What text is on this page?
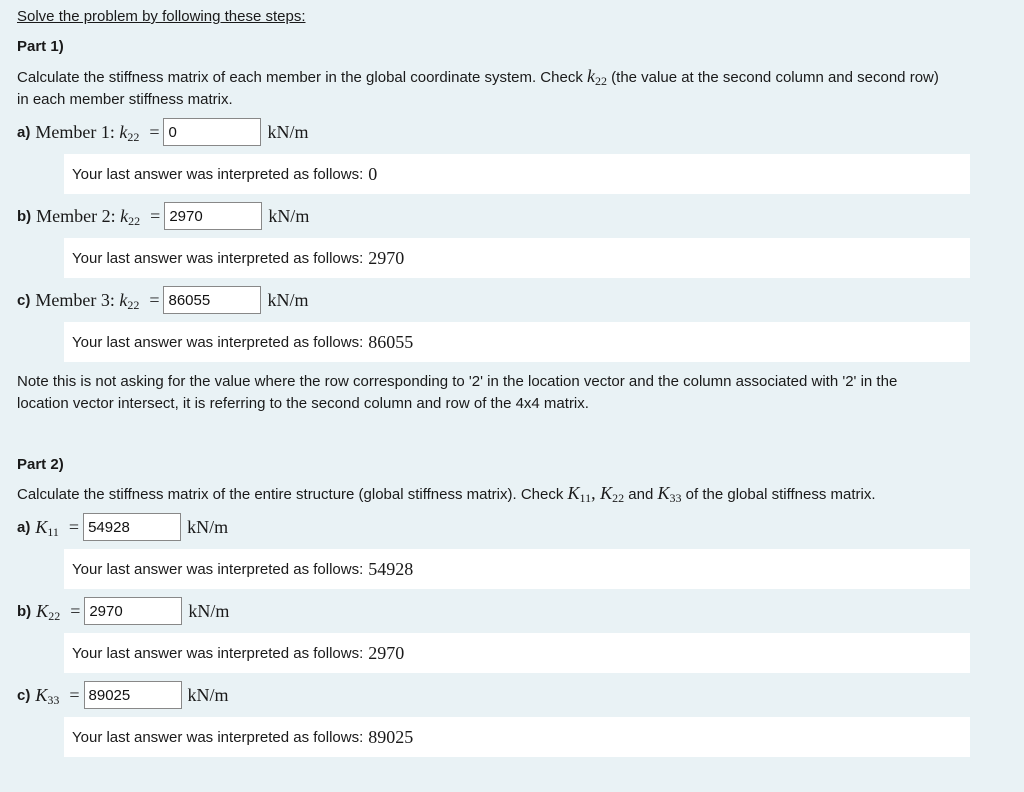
Solve the problem by following these steps:
Part 1)
Calculate the stiffness matrix of each member in the global coordinate system. Check $k_{22}$ (the value at the second column and second row)
in each member stiffness matrix.
a) Member 1: $k_{22}$ =
0	kN/m
Your last answer was interpreted as follows: 0
b) Member 2: $k_{22}$ =
2970	kN/m
Your last answer was interpreted as follows: 2970
c) Member 3: $k_{22}$ =
86055	kN/m
Your last answer was interpreted as follows: 86055
Note this is not asking for the value where the row corresponding to '2' in the location vector and the column associated with '2' in the
location vector intersect, it is referring to the second column and row of the 4x4 matrix.
Part 2)
Calculate the stiffness matrix of the entire structure (global stiffness matrix). Check $K_{11}$, $K_{22}$ and $K_{33}$ of the global stiffness matrix.
a) $K_{11}$ =
54928	kN/m
Your last answer was interpreted as follows: 54928
b) $K_{22}$ =
2970	kN/m
Your last answer was interpreted as follows: 2970
c) $K_{33}$ =
89025	kN/m
Your last answer was interpreted as follows: 89025
